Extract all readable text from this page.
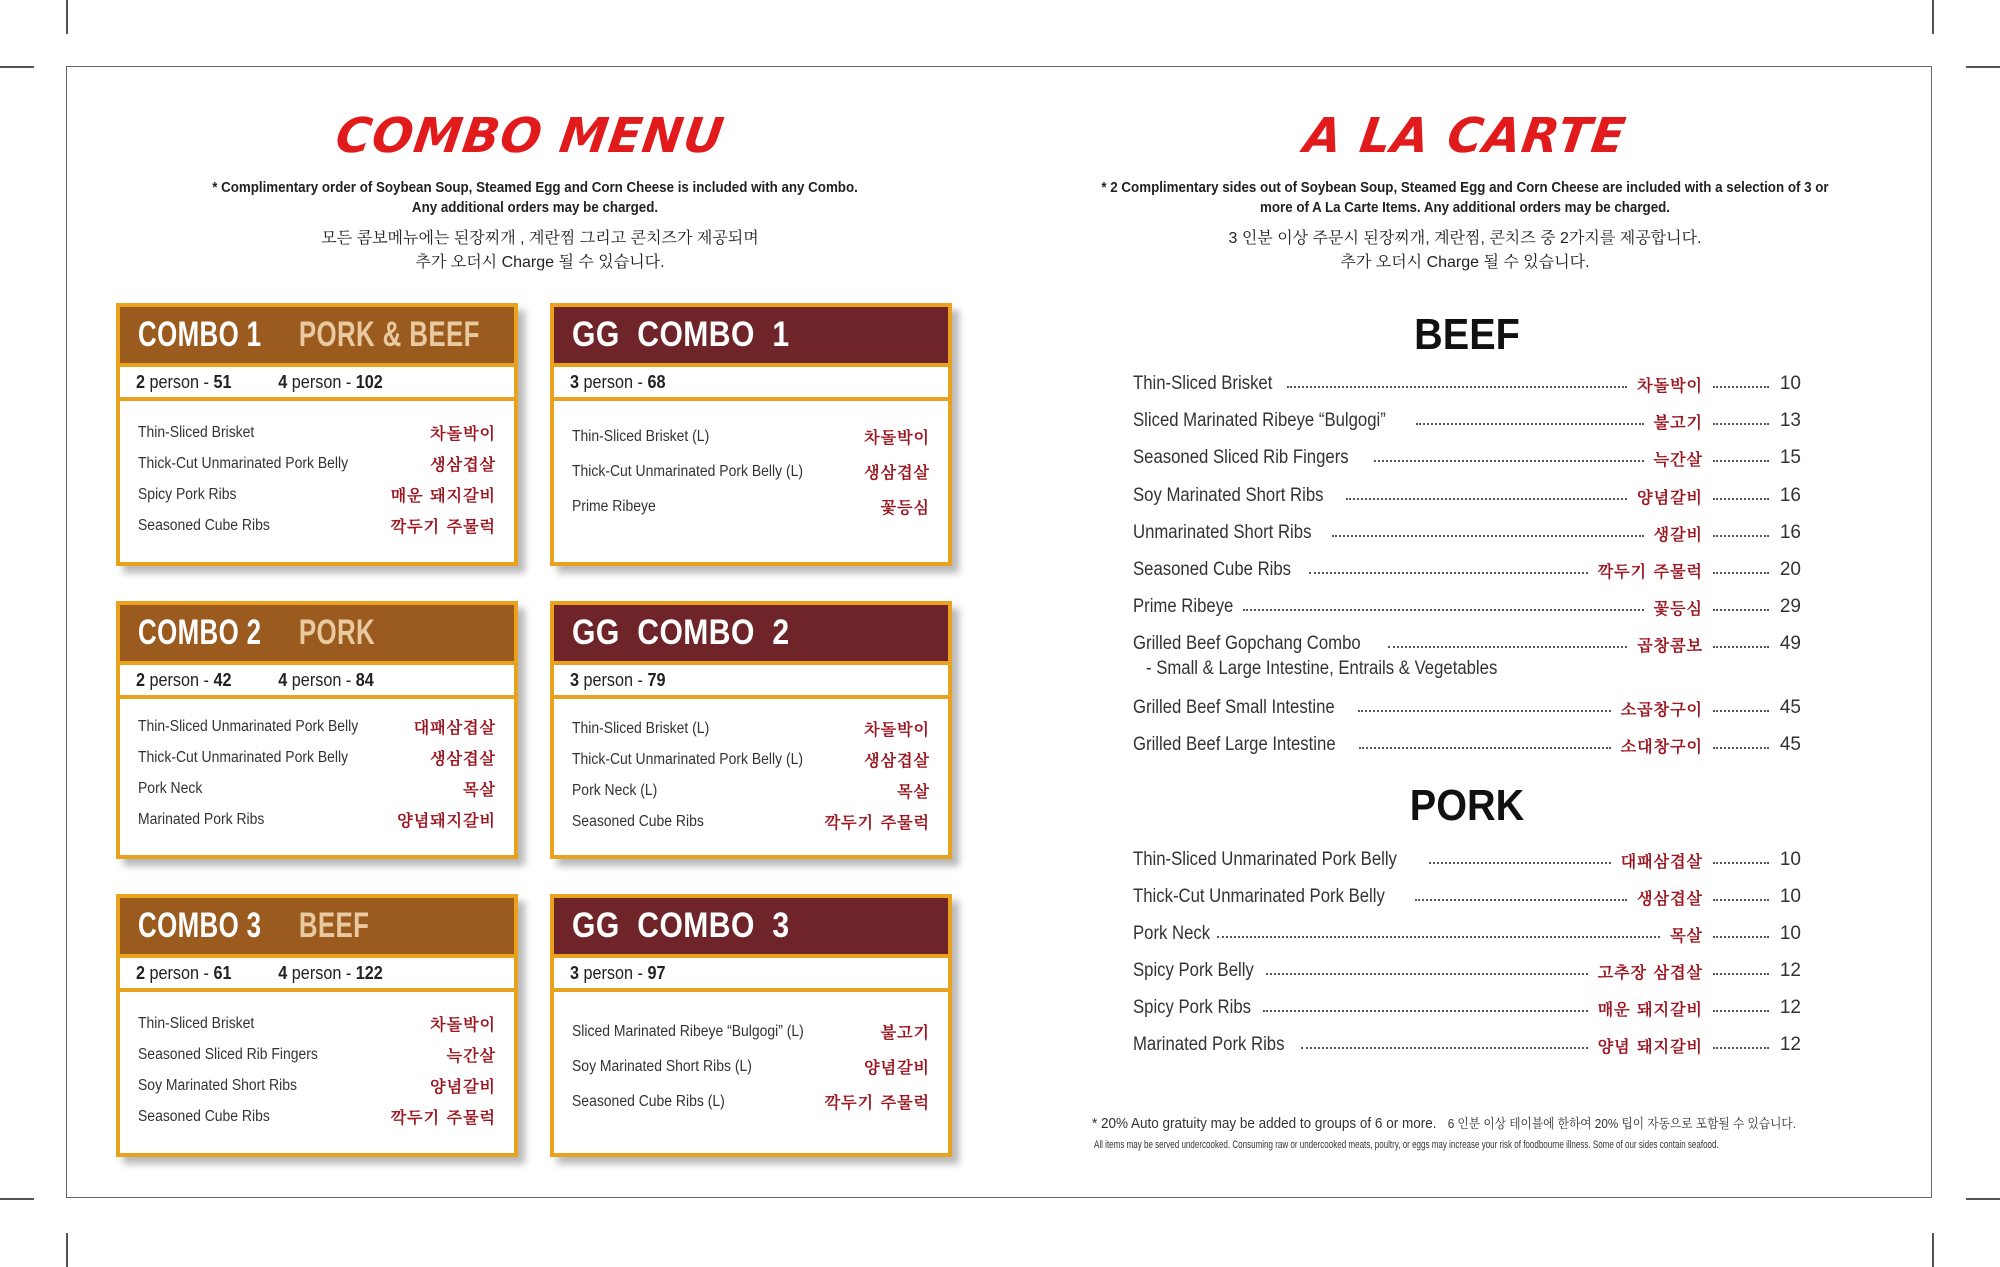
COMBO MENU
* Complimentary order of Soybean Soup, Steamed Egg and Corn Cheese is included with any Combo.
Any additional orders may be charged.
모든 콤보메뉴에는 된장찌개 , 계란찜 그리고 콘치즈가 제공되며
추가 오더시 Charge 될 수 있습니다.
COMBO 1 PORK & BEEF
2 person - 51	4 person - 102
Thin-Sliced Brisket	차돌박이
Thick-Cut Unmarinated Pork Belly	생삼겹살
Spicy Pork Ribs	매운 돼지갈비
Seasoned Cube Ribs	깍두기 주물럭
GG  COMBO  1
3 person - 68
Thin-Sliced Brisket (L)	차돌박이
Thick-Cut Unmarinated Pork Belly (L)	생삼겹살
Prime Ribeye	꽃등심
COMBO 2 PORK
2 person - 42	4 person - 84
Thin-Sliced Unmarinated Pork Belly	대패삼겹살
Thick-Cut Unmarinated Pork Belly	생삼겹살
Pork Neck	목살
Marinated Pork Ribs	양념돼지갈비
GG  COMBO  2
3 person - 79
Thin-Sliced Brisket (L)	차돌박이
Thick-Cut Unmarinated Pork Belly (L)	생삼겹살
Pork Neck (L)	목살
Seasoned Cube Ribs	깍두기 주물럭
COMBO 3 BEEF
2 person - 61	4 person - 122
Thin-Sliced Brisket	차돌박이
Seasoned Sliced Rib Fingers	늑간살
Soy Marinated Short Ribs	양념갈비
Seasoned Cube Ribs	깍두기 주물럭
GG  COMBO  3
3 person - 97
Sliced Marinated Ribeye “Bulgogi” (L)	불고기
Soy Marinated Short Ribs (L)	양념갈비
Seasoned Cube Ribs (L)	깍두기 주물럭
A LA CARTE
* 2 Complimentary sides out of Soybean Soup, Steamed Egg and Corn Cheese are included with a selection of 3 or
more of A La Carte Items. Any additional orders may be charged.
3 인분 이상 주문시 된장찌개, 계란찜, 콘치즈 중 2가지를 제공합니다.
추가 오더시 Charge 될 수 있습니다.
BEEF
Thin-Sliced Brisket	차돌박이	10
Sliced Marinated Ribeye “Bulgogi”	불고기	13
Seasoned Sliced Rib Fingers	늑간살	15
Soy Marinated Short Ribs	양념갈비	16
Unmarinated Short Ribs	생갈비	16
Seasoned Cube Ribs	깍두기 주물럭	20
Prime Ribeye	꽃등심	29
Grilled Beef Gopchang Combo	곱창콤보	49
- Small & Large Intestine, Entrails & Vegetables
Grilled Beef Small Intestine	소곱창구이	45
Grilled Beef Large Intestine	소대창구이	45
PORK
Thin-Sliced Unmarinated Pork Belly	대패삼겹살	10
Thick-Cut Unmarinated Pork Belly	생삼겹살	10
Pork Neck	목살	10
Spicy Pork Belly	고추장 삼겹살	12
Spicy Pork Ribs	매운 돼지갈비	12
Marinated Pork Ribs	양념 돼지갈비	12
* 20% Auto gratuity may be added to groups of 6 or more. 6 인분 이상 테이블에 한하여 20% 팁이 자동으로 포함될 수 있습니다.
All items may be served undercooked. Consuming raw or undercooked meats, poultry, or eggs may increase your risk of foodbourne illness. Some of our sides contain seafood.
